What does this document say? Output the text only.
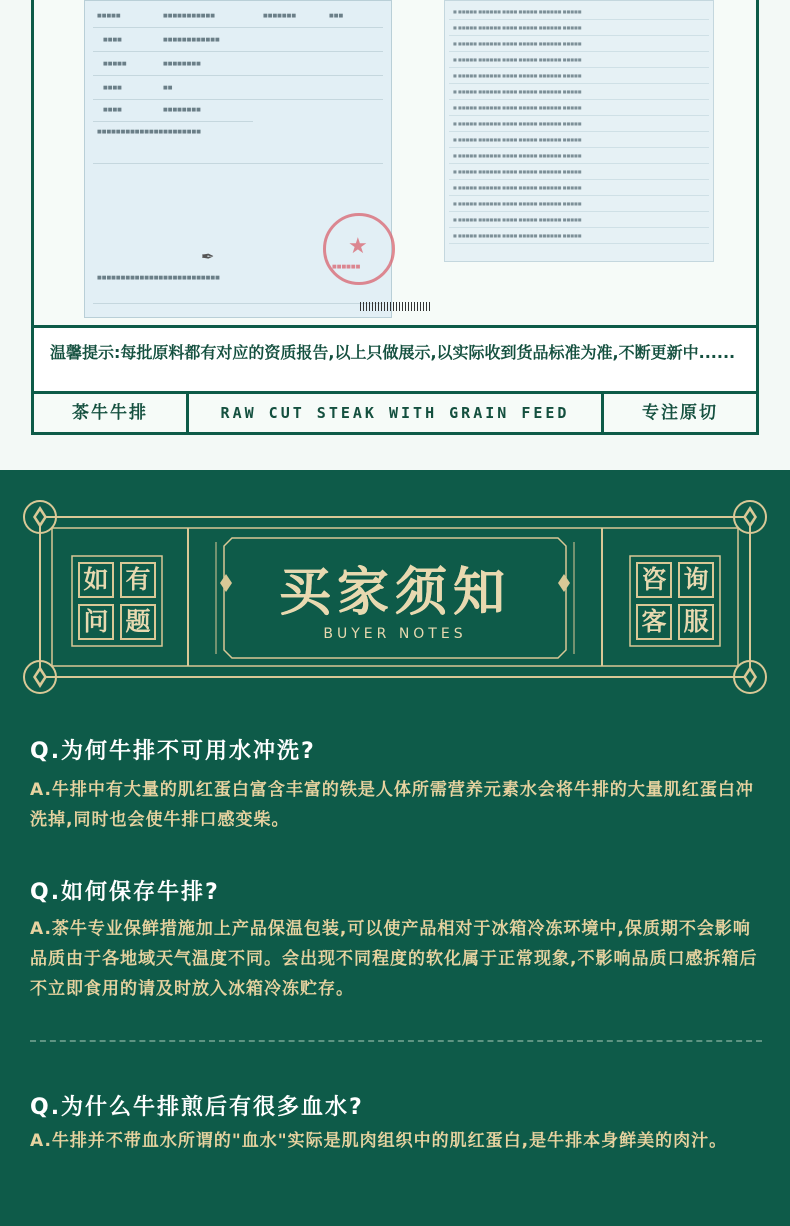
■■■■■	■■■■■■■■■■■	■■■■■■■	■■■
■■■■	■■■■■■■■■■■■
■■■■■	■■■■■■■■
■■■■	■■
■■■■	■■■■■■■■
■■■■■■■■■■■■■■■■■■■■■■
✒	★
■■■■■■
■■■■■■■■■■■■■■■■■■■■■■■■■■
■ ■■■■■ ■■■■■■ ■■■■ ■■■■■ ■■■■■■ ■■■■■
■ ■■■■■ ■■■■■■ ■■■■ ■■■■■ ■■■■■■ ■■■■■
■ ■■■■■ ■■■■■■ ■■■■ ■■■■■ ■■■■■■ ■■■■■
■ ■■■■■ ■■■■■■ ■■■■ ■■■■■ ■■■■■■ ■■■■■
■ ■■■■■ ■■■■■■ ■■■■ ■■■■■ ■■■■■■ ■■■■■
■ ■■■■■ ■■■■■■ ■■■■ ■■■■■ ■■■■■■ ■■■■■
■ ■■■■■ ■■■■■■ ■■■■ ■■■■■ ■■■■■■ ■■■■■
■ ■■■■■ ■■■■■■ ■■■■ ■■■■■ ■■■■■■ ■■■■■
■ ■■■■■ ■■■■■■ ■■■■ ■■■■■ ■■■■■■ ■■■■■
■ ■■■■■ ■■■■■■ ■■■■ ■■■■■ ■■■■■■ ■■■■■
■ ■■■■■ ■■■■■■ ■■■■ ■■■■■ ■■■■■■ ■■■■■
■ ■■■■■ ■■■■■■ ■■■■ ■■■■■ ■■■■■■ ■■■■■
■ ■■■■■ ■■■■■■ ■■■■ ■■■■■ ■■■■■■ ■■■■■
■ ■■■■■ ■■■■■■ ■■■■ ■■■■■ ■■■■■■ ■■■■■
■ ■■■■■ ■■■■■■ ■■■■ ■■■■■ ■■■■■■ ■■■■■
温馨提示:每批原料都有对应的资质报告,以上只做展示,以实际收到货品标准为准,不断更新中......
茶牛牛排	RAW CUT STEAK WITH GRAIN FEED	专注原切
如 有
问 题	买家须知
BUYER NOTES
咨 询
客 服
Q.为何牛排不可用水冲洗?
A.牛排中有大量的肌红蛋白富含丰富的铁是人体所需营养元素水会将牛排的大量肌红蛋白冲洗掉,同时也会使牛排口感变柴。
Q.如何保存牛排?
A.茶牛专业保鲜措施加上产品保温包装,可以使产品相对于冰箱冷冻环境中,保质期不会影响品质由于各地域天气温度不同。会出现不同程度的软化属于正常现象,不影响品质口感拆箱后不立即食用的请及时放入冰箱冷冻贮存。
Q.为什么牛排煎后有很多血水?
A.牛排并不带血水所谓的"血水"实际是肌肉组织中的肌红蛋白,是牛排本身鲜美的肉汁。
